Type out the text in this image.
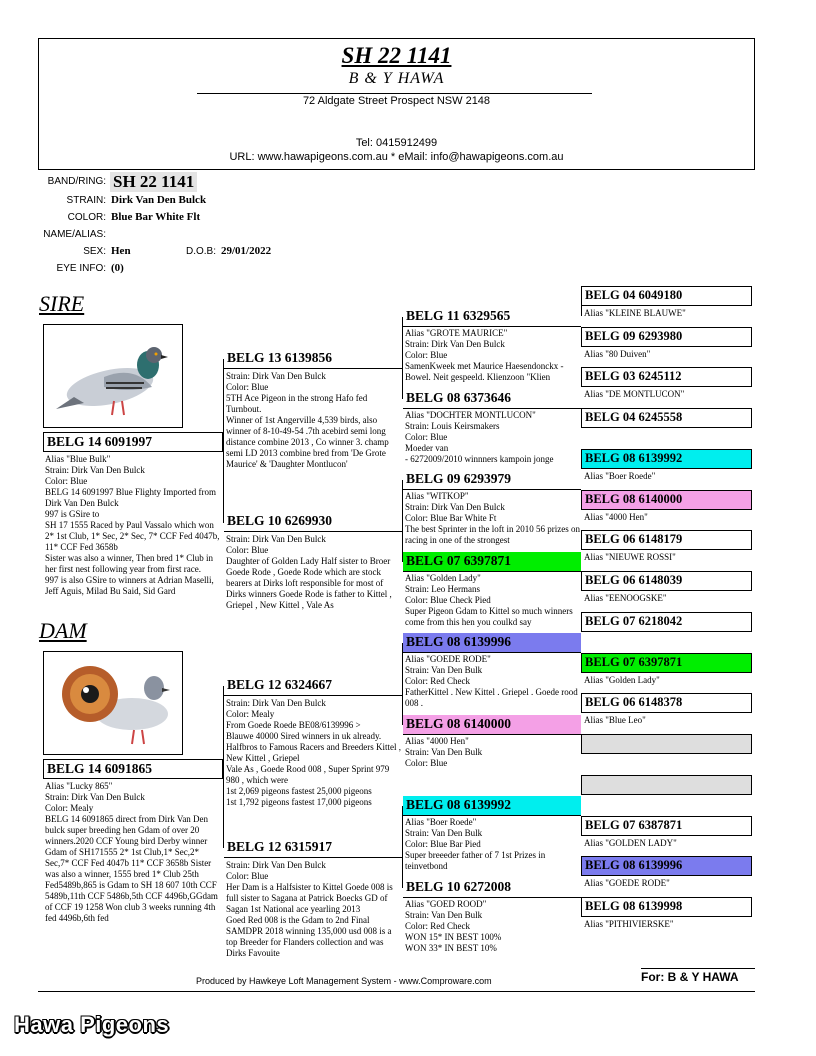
SH 22 1141
B & Y HAWA
72 Aldgate Street Prospect NSW 2148
Tel: 0415912499
URL: www.hawapigeons.com.au * eMail: info@hawapigeons.com.au
BAND/RING: SH 22 1141
STRAIN: Dirk Van Den Bulck
COLOR: Blue Bar White Flt
NAME/ALIAS:
SEX: Hen	D.O.B: 29/01/2022
EYE INFO: (0)
SIRE
BELG 14 6091997
Alias "Blue Bulk"
Strain: Dirk Van Den Bulck
Color: Blue
BELG 14 6091997 Blue Flighty Imported from Dirk Van Den Bulck
997 is GSire to
SH 17 1555 Raced by Paul Vassalo which won 2* 1st Club, 1* Sec, 2* Sec, 7* CCF Fed 4047b, 11* CCF Fed 3658b
Sister was also a winner, Then bred 1* Club in her first nest following year from first race.
997 is also GSire to winners at Adrian Maselli, Jeff Aguis, Milad Bu Said, Sid Gard
DAM
BELG 14 6091865
Alias "Lucky 865"
Strain: Dirk Van Den Bulck
Color: Mealy
BELG 14 6091865 direct from Dirk Van Den bulck super breeding hen Gdam of over 20 winners.2020 CCF Young bird Derby winner Gdam of SH171555 2* 1st Club,1* Sec,2* Sec,7* CCF Fed 4047b 11* CCF 3658b Sister was also a winner, 1555 bred 1* Club 25th Fed5489b,865 is Gdam to SH 18 607 10th CCF 5489b,11th CCF 5486b,5th CCF 4496b,GGdam of CCF 19 1258 Won club 3 weeks running 4th fed 4496b,6th fed
BELG 13 6139856
Strain: Dirk Van Den Bulck
Color: Blue
5TH Ace Pigeon in the strong Hafo fed Turnbout.
Winner of 1st Angerville 4,539 birds, also winner of 8-10-49-54 .7th acebird semi long distance combine 2013 , Co winner 3. champ semi LD 2013 combine bred from 'De Grote Maurice' & 'Daughter Montlucon'
BELG 10 6269930
Strain: Dirk Van Den Bulck
Color: Blue
Daughter of Golden Lady Half sister to Broer Goede Rode , Goede Rode which are stock bearers at Dirks loft responsible for most of Dirks winners Goede Rode is father to Kittel , Griepel , New Kittel , Vale As
BELG 12 6324667
Strain: Dirk Van Den Bulck
Color: Mealy
From Goede Roede BE08/6139996 >
Blauwe 40000 Sired winners in uk already. Halfbros to Famous Racers and Breeders Kittel , New Kittel , Griepel
Vale As , Goede Rood 008 , Super Sprint 979 980 , which were
1st 2,069 pigeons fastest 25,000 pigeons
1st 1,792 pigeons fastest 17,000 pigeons
BELG 12 6315917
Strain: Dirk Van Den Bulck
Color: Blue
Her Dam is a Halfsister to Kittel Goede 008 is full sister to Sagana at Patrick Boecks GD of Sagan 1st National ace yearling 2013
Goed Red 008 is the Gdam to 2nd Final SAMDPR 2018 winning 135,000 usd 008 is a top Breeder for Flanders collection and was Dirks Favouite
BELG 11 6329565
Alias "GROTE MAURICE"
Strain: Dirk Van Den Bulck
Color: Blue
SamenKweek met Maurice Haesendonckx - Bowel. Neit gespeeld. Klienzoon "Klien
BELG 08 6373646
Alias "DOCHTER MONTLUCON"
Strain: Louis Keirsmakers
Color: Blue
Moeder van
- 6272009/2010 winnners kampoin jonge
BELG 09 6293979
Alias "WITKOP"
Strain: Dirk Van Den Bulck
Color: Blue Bar White Ft
The best Sprinter in the loft in 2010 56 prizes on racing in one of the strongest
BELG 07 6397871
Alias "Golden Lady"
Strain: Leo Hermans
Color: Blue Check Pied
Super Pigeon Gdam to Kittel so much winners come from this hen you coulkd say
BELG 08 6139996
Alias "GOEDE RODE"
Strain: Van Den Bulk
Color: Red Check
FatherKittel . New Kittel . Griepel . Goede rood 008 .
BELG 08 6140000
Alias "4000 Hen"
Strain: Van Den Bulk
Color: Blue
BELG 08 6139992
Alias "Boer Roede"
Strain: Van Den Bulk
Color: Blue Bar Pied
Super breeeder father of 7 1st Prizes in teinvetbond
BELG 10 6272008
Alias "GOED ROOD"
Strain: Van Den Bulk
Color: Red Check
WON 15* IN BEST 100%
WON 33* IN BEST 10%
BELG 04 6049180
Alias "KLEINE BLAUWE"
BELG 09 6293980
Alias "80 Duiven"
BELG 03 6245112
Alias "DE MONTLUCON"
BELG 04 6245558
BELG 08 6139992
Alias "Boer Roede"
BELG 08 6140000
Alias "4000 Hen"
BELG 06 6148179
Alias "NIEUWE ROSSI"
BELG 06 6148039
Alias "EENOOGSKE"
BELG 07 6218042
BELG 07 6397871
Alias "Golden Lady"
BELG 06 6148378
Alias "Blue Leo"
BELG 07 6387871
Alias "GOLDEN LADY"
BELG 08 6139996
Alias "GOEDE RODE"
BELG 08 6139998
Alias "PITHIVIERSKE"
Produced by Hawkeye Loft Management System - www.Comproware.com	For: B & Y HAWA
Hawa Pigeons
